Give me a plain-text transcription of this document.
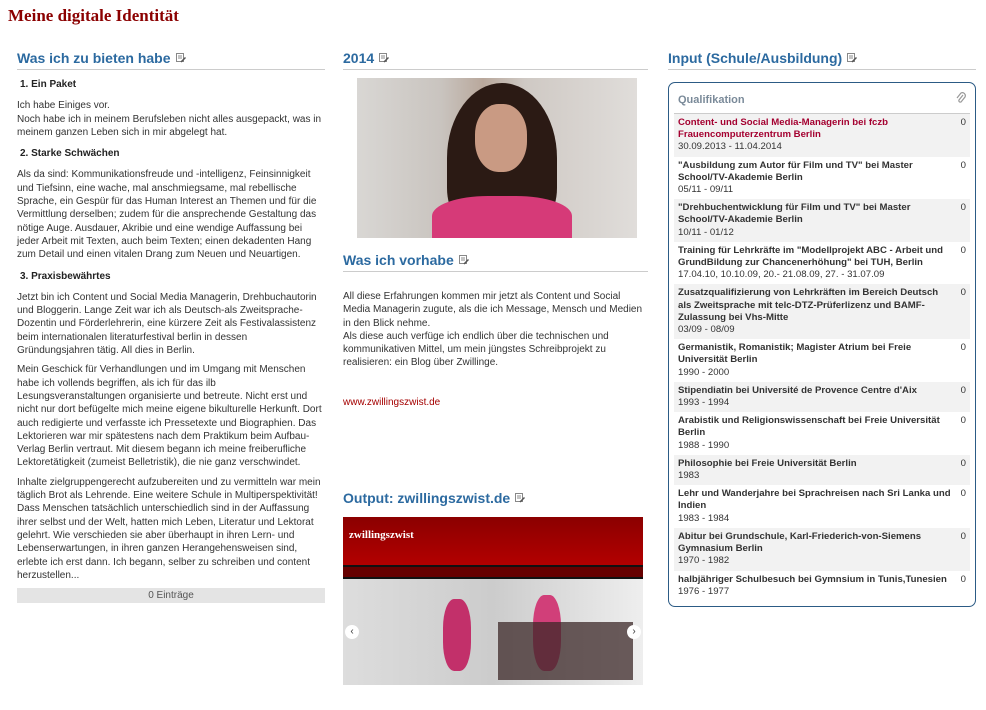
Meine digitale Identität
Was ich zu bieten habe
1. Ein Paket

Ich habe Einiges vor.
Noch habe ich in meinem Berufsleben nicht alles ausgepackt, was in meinem ganzen Leben sich in mir abgelegt hat.

2. Starke Schwächen

Als da sind: Kommunikationsfreude und -intelligenz, Feinsinnigkeit und Tiefsinn, eine wache, mal anschmiegsame, mal rebellische Sprache, ein Gespür für das Human Interest an Themen und für die Vermittlung derselben; zudem für die ansprechende Gestaltung das nötige Auge. Ausdauer, Akribie und eine wendige Auffassung bei jeder Arbeit mit Texten, auch beim Texten; einen dekadenten Hang zum Detail und einen vitalen Drang zum Neuen und Neuartigen.

3. Praxisbewährtes

Jetzt bin ich Content und Social Media Managerin, Drehbuchautorin und Bloggerin. Lange Zeit war ich als Deutsch-als Zweitsprache-Dozentin und Förderlehrerin, eine kürzere Zeit als Festivalassistenz beim internationalen literaturfestival berlin in dessen Gründungsjahren tätig. All dies in Berlin.

Mein Geschick für Verhandlungen und im Umgang mit Menschen habe ich vollends begriffen, als ich für das ilb Lesungsveranstaltungen organisierte und betreute. Nicht erst und nicht nur dort befügelte mich meine eigene bikulturelle Herkunft. Dort auch redigierte und verfasste ich Pressetexte und Biographien. Das Lektorieren war mir spätestens nach dem Praktikum beim Aufbau-Verlag Berlin vertraut. Mit diesem begann ich meine freiberufliche Lektoretätigkeit (zumeist Belletristik), die nie ganz verschwindet.

Inhalte zielgruppengerecht aufzubereiten und zu vermitteln war mein täglich Brot als Lehrende. Eine weitere Schule in Multiperspektivität! Dass Menschen tatsächlich unterschiedlich sind in der Auffassung ihrer selbst und der Welt, hatten mich Leben, Literatur und Lektorat gelehrt. Wie verschieden sie aber überhaupt in ihren Lern- und Lebenserwartungen, in ihren ganzen Herangehensweisen sind, erlebte ich erst dann. Ich begann, selber zu schreiben und content herzustellen...

0 Einträge
2014
Was ich vorhabe

All diese Erfahrungen kommen mir jetzt als Content und Social Media Managerin zugute, als die ich Message, Mensch und Medien in den Blick nehme.

Als diese auch verfüge ich endlich über die technischen und kommunikativen Mittel, um mein jüngstes Schreibprojekt zu realisieren: ein Blog über Zwillinge.

www.zwillingszwist.de
Output: zwillingszwist.de
zwillingszwist
‹	›
Input (Schule/Ausbildung)
Qualifikation
Content- und Social Media-Managerin bei fczb Frauencomputerzentrum Berlin
30.09.2013 - 11.04.2014
0
"Ausbildung zum Autor für Film und TV" bei Master School/TV-Akademie Berlin
05/11 - 09/11
0
"Drehbuchentwicklung für Film und TV" bei Master School/TV-Akademie Berlin
10/11 - 01/12
0
Training für Lehrkräfte im "Modellprojekt ABC - Arbeit und GrundBildung zur Chancenerhöhung" bei TUH, Berlin
17.04.10, 10.10.09, 20.- 21.08.09, 27. - 31.07.09
0
Zusatzqualifizierung von Lehrkräften im Bereich Deutsch als Zweitsprache mit telc-DTZ-Prüferlizenz und BAMF-Zulassung bei Vhs-Mitte
03/09 - 08/09
0
Germanistik, Romanistik; Magister Atrium bei Freie Universität Berlin
1990 - 2000
0
Stipendiatin bei Université de Provence Centre d'Aix
1993 - 1994
0
Arabistik und Religionswissenschaft bei Freie Universität Berlin
1988 - 1990
0
Philosophie bei Freie Universität Berlin
1983
0
Lehr und Wanderjahre bei Sprachreisen nach Sri Lanka und Indien
1983 - 1984
0
Abitur bei Grundschule, Karl-Friederich-von-Siemens Gymnasium Berlin
1970 - 1982
0
halbjähriger Schulbesuch bei Gymnsium in Tunis,Tunesien
1976 - 1977
0
